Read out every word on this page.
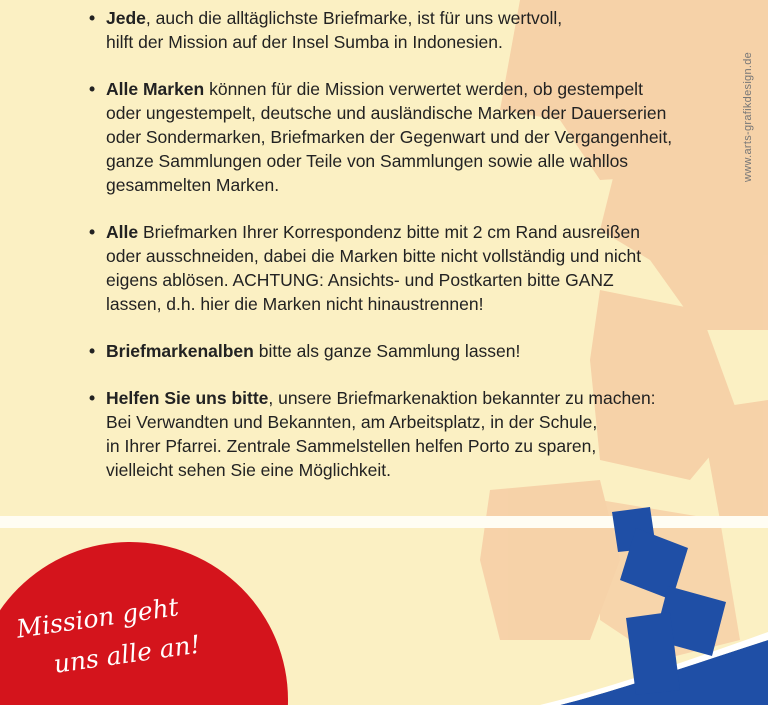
• Jede, auch die alltäglichste Briefmarke, ist für uns wertvoll,
hilft der Mission auf der Insel Sumba in Indonesien.
• Alle Marken können für die Mission verwertet werden, ob gestempelt
oder ungestempelt, deutsche und ausländische Marken der Dauerserien
oder Sondermarken, Briefmarken der Gegenwart und der Vergangenheit,
ganze Sammlungen oder Teile von Sammlungen sowie alle wahllos
gesammelten Marken.
• Alle Briefmarken Ihrer Korrespondenz bitte mit 2 cm Rand ausreißen
oder ausschneiden, dabei die Marken bitte nicht vollständig und nicht
eigens ablösen. ACHTUNG: Ansichts- und Postkarten bitte GANZ
lassen, d.h. hier die Marken nicht hinaustrennen!
• Briefmarkenalben bitte als ganze Sammlung lassen!
• Helfen Sie uns bitte, unsere Briefmarkenaktion bekannter zu machen:
Bei Verwandten und Bekannten, am Arbeitsplatz, in der Schule,
in Ihrer Pfarrei. Zentrale Sammelstellen helfen Porto zu sparen,
vielleicht sehen Sie eine Möglichkeit.
www.arts-grafikdesign.de
Mission geht
uns alle an!
